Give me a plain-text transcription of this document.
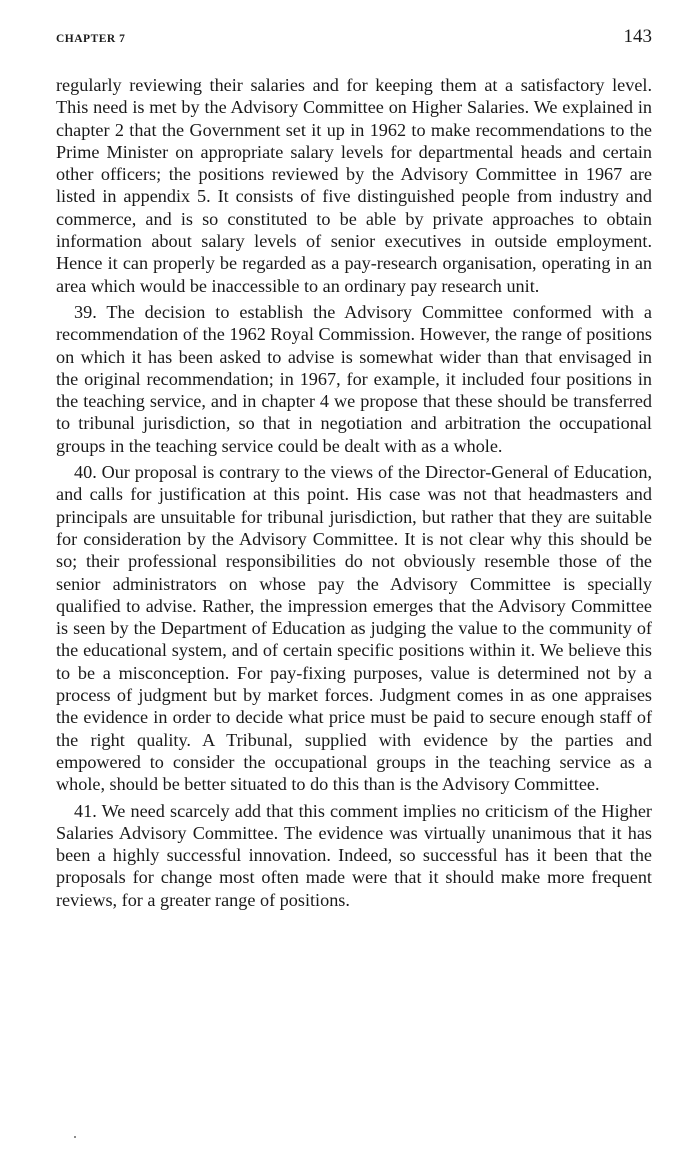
CHAPTER 7	143

regularly reviewing their salaries and for keeping them at a satisfactory level. This need is met by the Advisory Committee on Higher Salaries. We explained in chapter 2 that the Government set it up in 1962 to make recommendations to the Prime Minister on appropriate salary levels for departmental heads and certain other officers; the positions reviewed by the Advisory Committee in 1967 are listed in appendix 5. It consists of five distinguished people from industry and commerce, and is so constituted to be able by private approaches to obtain information about salary levels of senior executives in outside employment. Hence it can properly be regarded as a pay-research organisation, operating in an area which would be inaccessible to an ordinary pay research unit.

39. The decision to establish the Advisory Committee conformed with a recommendation of the 1962 Royal Commission. However, the range of positions on which it has been asked to advise is somewhat wider than that envisaged in the original recommendation; in 1967, for example, it included four positions in the teaching service, and in chapter 4 we propose that these should be transferred to tribunal jurisdiction, so that in negotiation and arbitration the occupational groups in the teaching service could be dealt with as a whole.

40. Our proposal is contrary to the views of the Director-General of Education, and calls for justification at this point. His case was not that headmasters and principals are unsuitable for tribunal jurisdiction, but rather that they are suitable for consideration by the Advisory Committee. It is not clear why this should be so; their professional responsibilities do not obviously resemble those of the senior administrators on whose pay the Advisory Committee is specially qualified to advise. Rather, the impression emerges that the Advisory Committee is seen by the Department of Education as judging the value to the community of the educational system, and of certain specific positions within it. We believe this to be a misconception. For pay-fixing purposes, value is determined not by a process of judgment but by market forces. Judgment comes in as one appraises the evidence in order to decide what price must be paid to secure enough staff of the right quality. A Tribunal, supplied with evidence by the parties and empowered to consider the occupational groups in the teaching service as a whole, should be better situated to do this than is the Advisory Committee.

41. We need scarcely add that this comment implies no criticism of the Higher Salaries Advisory Committee. The evidence was virtually unanimous that it has been a highly successful innovation. Indeed, so successful has it been that the proposals for change most often made were that it should make more frequent reviews, for a greater range of positions.
